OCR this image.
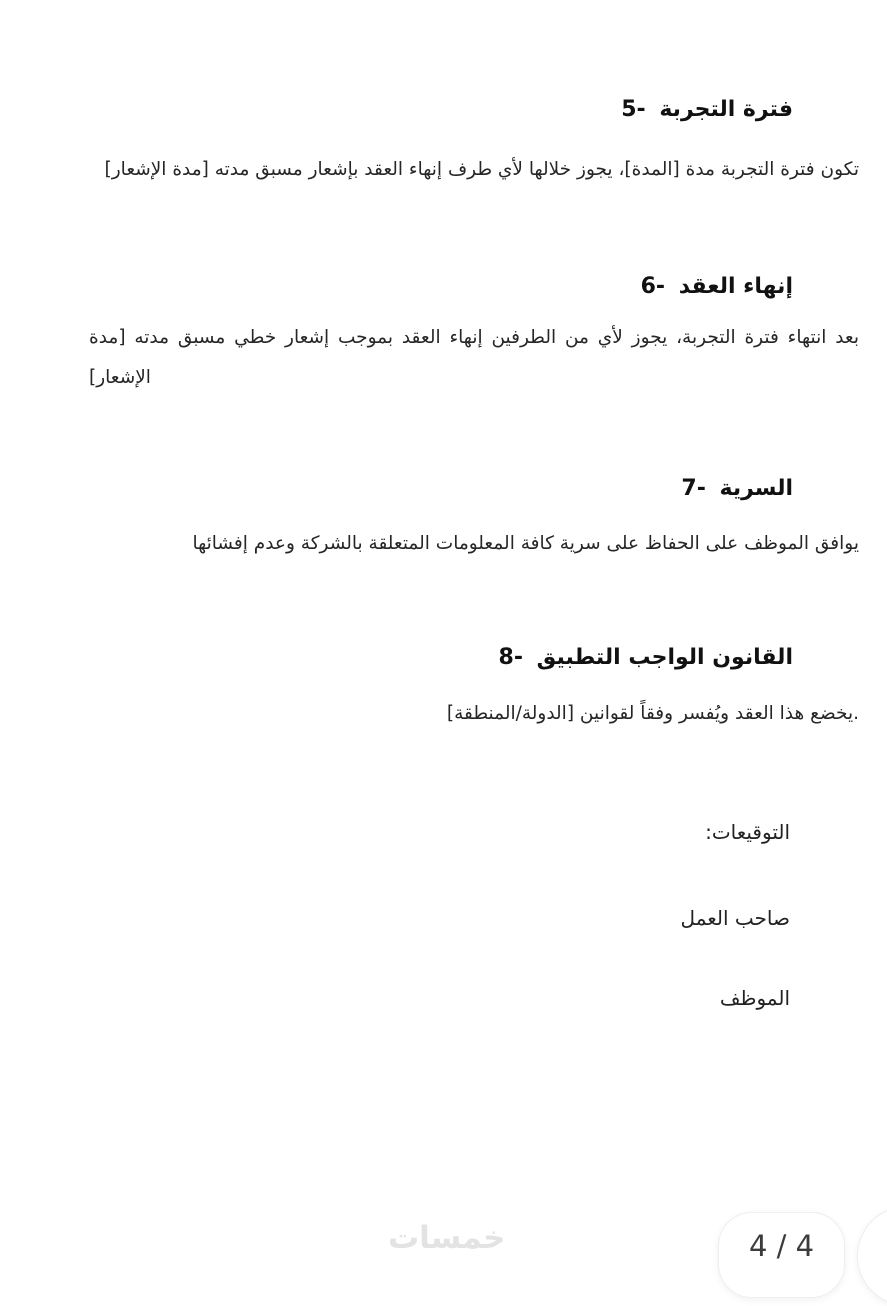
فترة التجربة 5-
تكون فترة التجربة مدة [المدة]، يجوز خلالها لأي طرف إنهاء العقد بإشعار مسبق مدته [مدة الإشعار]
إنهاء العقد 6-
بعد انتهاء فترة التجربة، يجوز لأي من الطرفين إنهاء العقد بموجب إشعار خطي مسبق مدته [مدة الإشعار]
السرية 7-
يوافق الموظف على الحفاظ على سرية كافة المعلومات المتعلقة بالشركة وعدم إفشائها
القانون الواجب التطبيق 8-
.يخضع هذا العقد ويُفسر وفقاً لقوانين [الدولة/المنطقة]
التوقيعات:
صاحب العمل
الموظف
خمسات	4 / 4
